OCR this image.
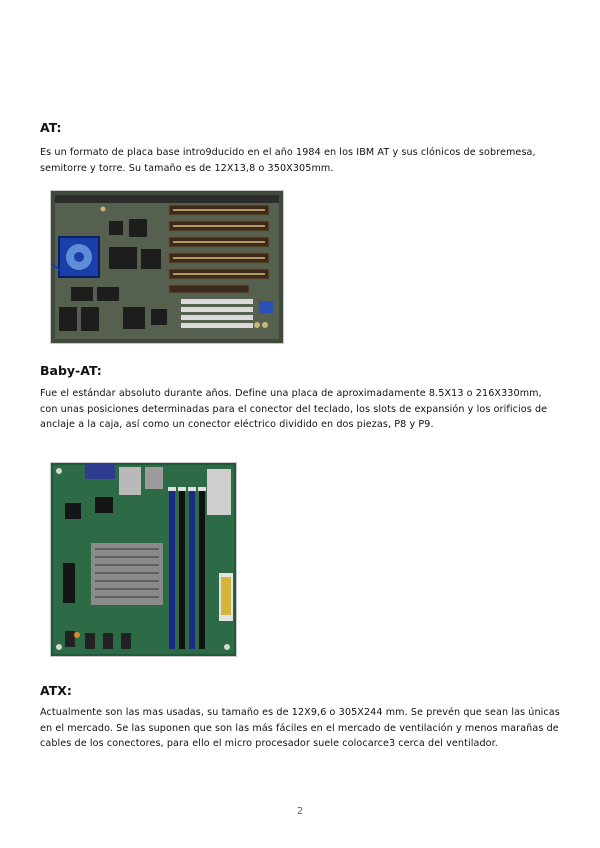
AT:

Es un formato de placa base intro9ducido en el año 1984 en los IBM AT y sus clónicos de sobremesa, semitorre y torre. Su tamaño es de 12X13,8 o 350X305mm.

Baby-AT:

Fue el estándar absoluto durante años. Define una placa de aproximadamente 8.5X13 o 216X330mm, con unas posiciones determinadas para el conector del teclado, los slots de expansión y los orificios de anclaje a la caja, así como un conector eléctrico dividido en dos piezas, P8 y P9.

ATX:

Actualmente son las mas usadas, su tamaño es de 12X9,6 o 305X244 mm. Se prevén que sean las únicas en el mercado. Se las suponen que son las más fáciles en el mercado de ventilación y menos marañas de cables de los conectores, para ello el micro procesador suele colocarce3 cerca del ventilador.

2
